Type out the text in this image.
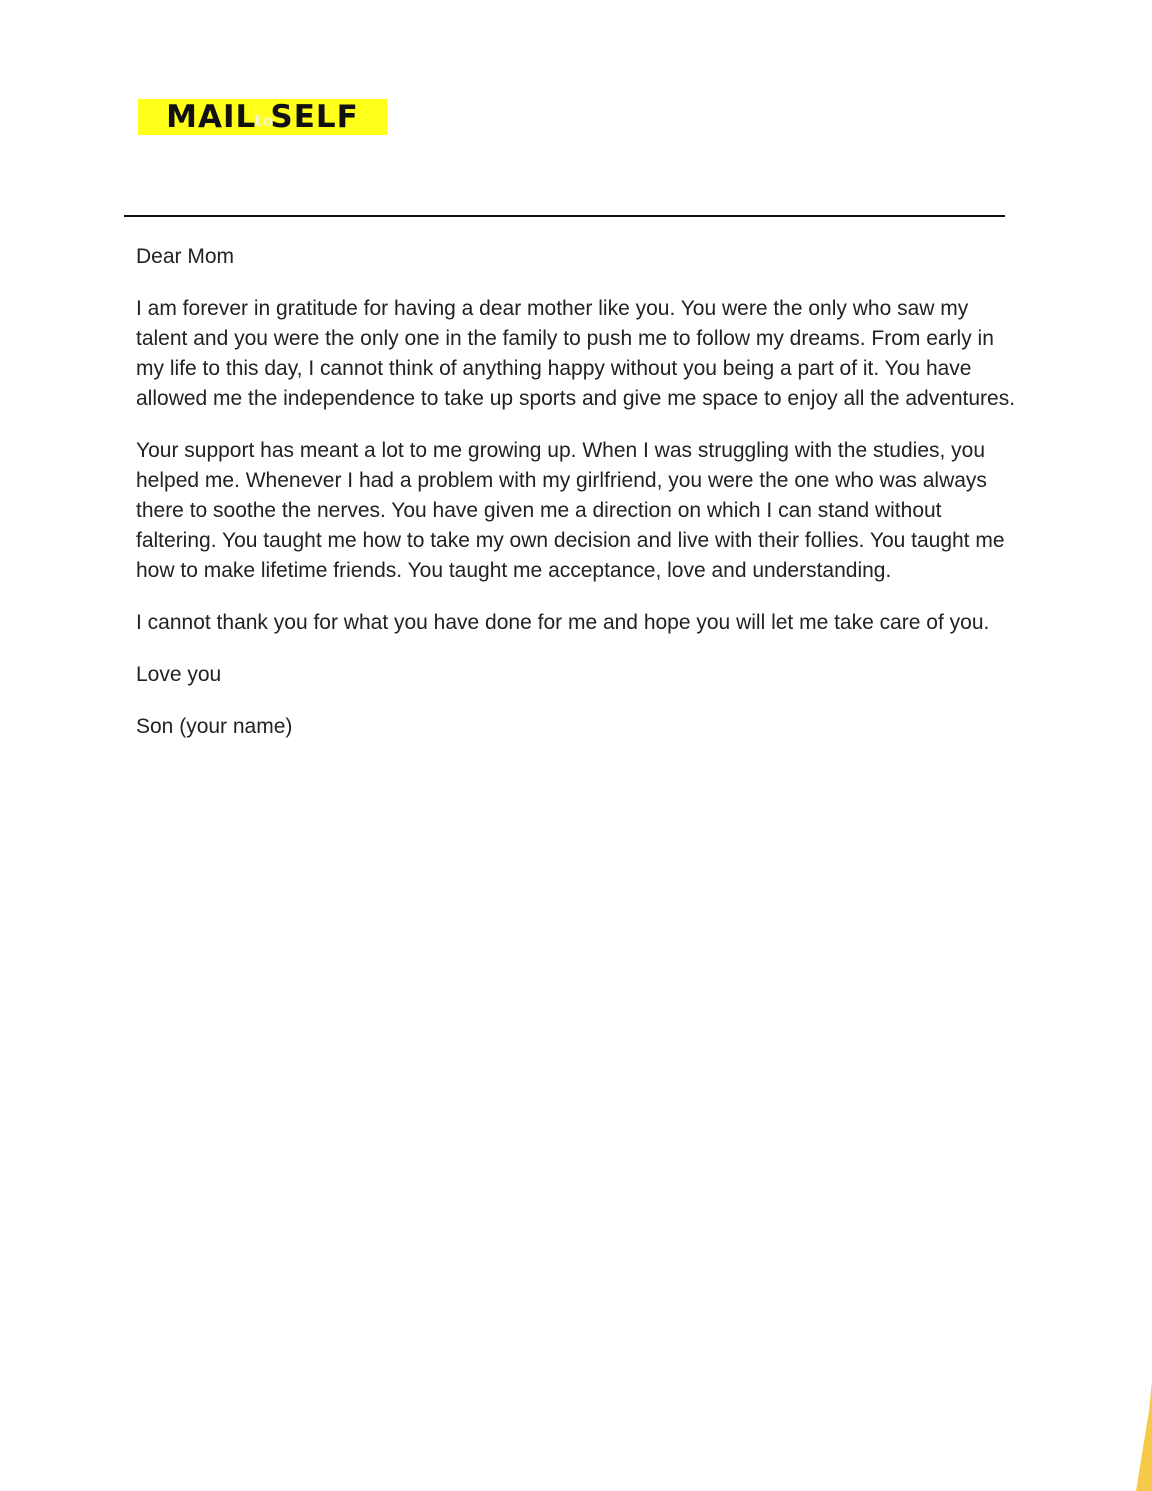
MAIL
to
SELF

Dear Mom

I am forever in gratitude for having a dear mother like you. You were the only who saw my talent and you were the only one in the family to push me to follow my dreams. From early in my life to this day, I cannot think of anything happy without you being a part of it. You have allowed me the independence to take up sports and give me space to enjoy all the adventures.

Your support has meant a lot to me growing up. When I was struggling with the studies, you helped me. Whenever I had a problem with my girlfriend, you were the one who was always there to soothe the nerves. You have given me a direction on which I can stand without faltering. You taught me how to take my own decision and live with their follies. You taught me how to make lifetime friends. You taught me acceptance, love and understanding.

I cannot thank you for what you have done for me and hope you will let me take care of you.

Love you

Son (your name)
